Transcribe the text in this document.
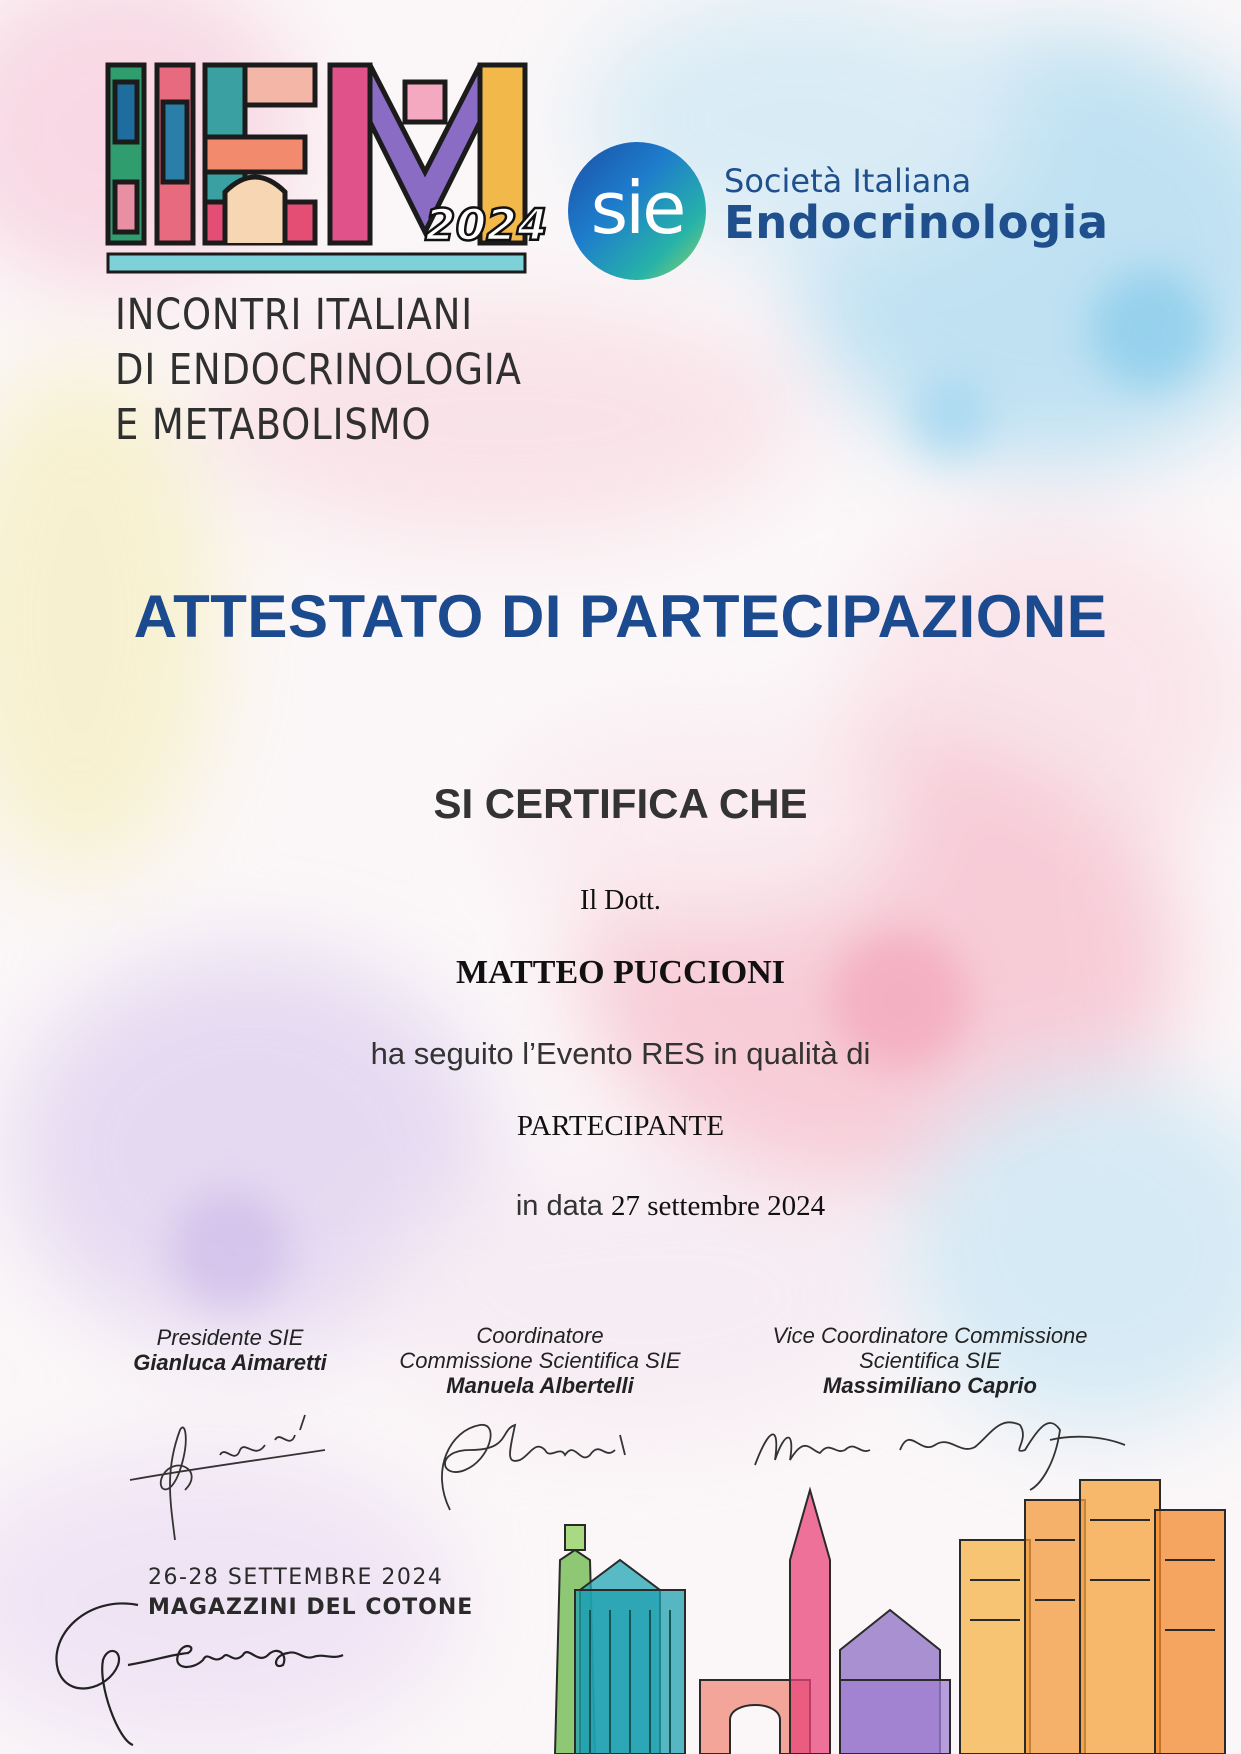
2024
INCONTRI ITALIANI
DI ENDOCRINOLOGIA
E METABOLISMO
sie Società Italiana
Endocrinologia
ATTESTATO DI PARTECIPAZIONE
SI CERTIFICA CHE
Il Dott.
MATTEO PUCCIONI
ha seguito l’Evento RES in qualità di
PARTECIPANTE
in data 27 settembre 2024
Presidente SIE
Gianluca Aimaretti
Coordinatore
Commissione Scientifica SIE
Manuela Albertelli
Vice Coordinatore Commissione
Scientifica SIE
Massimiliano Caprio
26-28 SETTEMBRE 2024
MAGAZZINI DEL COTONE
